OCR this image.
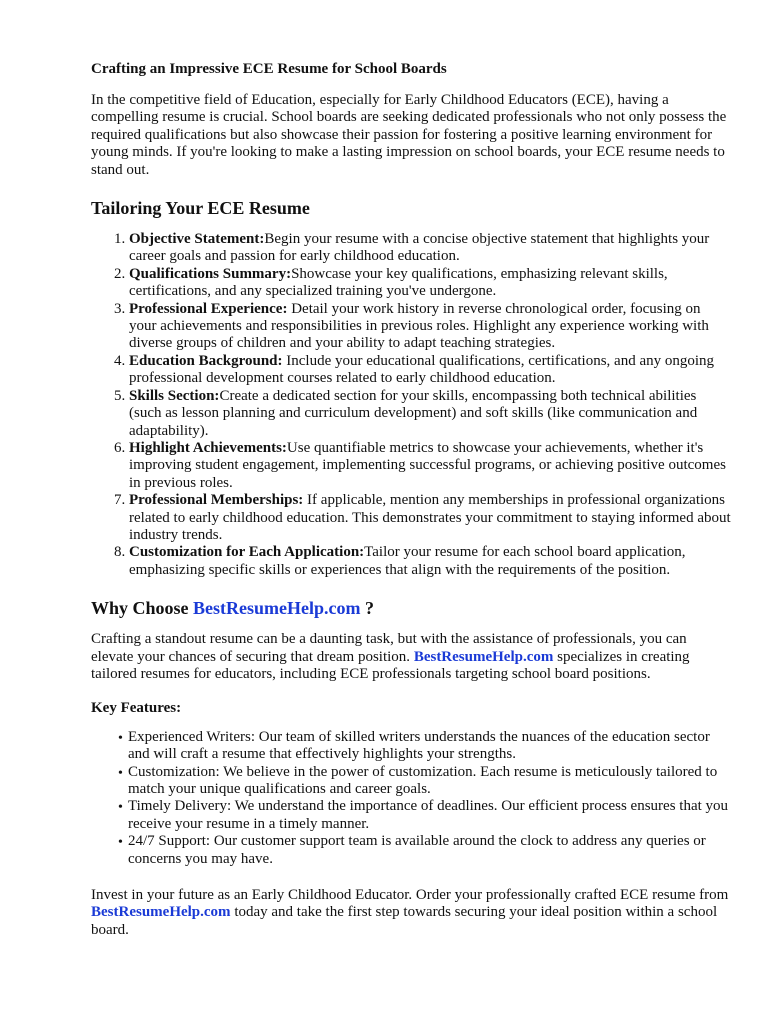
Crafting an Impressive ECE Resume for School Boards

In the competitive field of Education, especially for Early Childhood Educators (ECE), having a compelling resume is crucial. School boards are seeking dedicated professionals who not only possess the required qualifications but also showcase their passion for fostering a positive learning environment for young minds. If you're looking to make a lasting impression on school boards, your ECE resume needs to stand out.

Tailoring Your ECE Resume
1. Objective Statement:Begin your resume with a concise objective statement that highlights your career goals and passion for early childhood education.
2. Qualifications Summary:Showcase your key qualifications, emphasizing relevant skills, certifications, and any specialized training you've undergone.
3. Professional Experience: Detail your work history in reverse chronological order, focusing on your achievements and responsibilities in previous roles. Highlight any experience working with diverse groups of children and your ability to adapt teaching strategies.
4. Education Background: Include your educational qualifications, certifications, and any ongoing professional development courses related to early childhood education.
5. Skills Section:Create a dedicated section for your skills, encompassing both technical abilities (such as lesson planning and curriculum development) and soft skills (like communication and adaptability).
6. Highlight Achievements:Use quantifiable metrics to showcase your achievements, whether it's improving student engagement, implementing successful programs, or achieving positive outcomes in previous roles.
7. Professional Memberships: If applicable, mention any memberships in professional organizations related to early childhood education. This demonstrates your commitment to staying informed about industry trends.
8. Customization for Each Application:Tailor your resume for each school board application, emphasizing specific skills or experiences that align with the requirements of the position.
Why Choose BestResumeHelp.com ?

Crafting a standout resume can be a daunting task, but with the assistance of professionals, you can elevate your chances of securing that dream position. BestResumeHelp.com specializes in creating tailored resumes for educators, including ECE professionals targeting school board positions.

Key Features:

• Experienced Writers: Our team of skilled writers understands the nuances of the education sector and will craft a resume that effectively highlights your strengths.
• Customization: We believe in the power of customization. Each resume is meticulously tailored to match your unique qualifications and career goals.
• Timely Delivery: We understand the importance of deadlines. Our efficient process ensures that you receive your resume in a timely manner.
• 24/7 Support: Our customer support team is available around the clock to address any queries or concerns you may have.

Invest in your future as an Early Childhood Educator. Order your professionally crafted ECE resume from BestResumeHelp.com today and take the first step towards securing your ideal position within a school board.
